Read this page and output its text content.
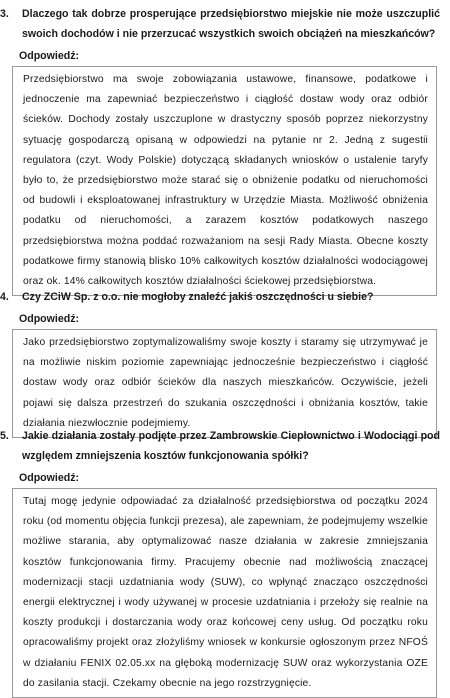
3.	Dlaczego tak dobrze prosperujące przedsiębiorstwo miejskie nie może uszczuplić swoich dochodów i nie przerzucać wszystkich swoich obciążeń na mieszkańców?
Odpowiedź:
Przedsiębiorstwo ma swoje zobowiązania ustawowe, finansowe, podatkowe i jednoczenie ma zapewniać bezpieczeństwo i ciągłość dostaw wody oraz odbiór ścieków. Dochody zostały uszczuplone w drastyczny sposób poprzez niekorzystny sytuację gospodarczą opisaną w odpowiedzi na pytanie nr 2. Jedną z sugestii regulatora (czyt. Wody Polskie) dotyczącą składanych wniosków o ustalenie taryfy było to, że przedsiębiorstwo może starać się o obniżenie podatku od nieruchomości od budowli i eksploatowanej infrastruktury w Urzędzie Miasta. Możliwość obniżenia podatku od nieruchomości, a zarazem kosztów podatkowych naszego przedsiębiorstwa można poddać rozważaniom na sesji Rady Miasta. Obecne koszty podatkowe firmy stanowią blisko 10% całkowitych kosztów działalności wodociągowej oraz ok. 14% całkowitych kosztów działalności ściekowej przedsiębiorstwa.
4.	Czy ZCiW Sp. z o.o. nie mogłoby znaleźć jakiś oszczędności u siebie?
Odpowiedź:
Jako przedsiębiorstwo zoptymalizowaliśmy swoje koszty i staramy się utrzymywać je na możliwie niskim poziomie zapewniając jednocześnie bezpieczeństwo i ciągłość dostaw wody oraz odbiór ścieków dla naszych mieszkańców. Oczywiście, jeżeli pojawi się dalsza przestrzeń do szukania oszczędności i obniżania kosztów, takie działania niezwłocznie podejmiemy.
5.	Jakie działania zostały podjęte przez Zambrowskie Ciepłownictwo i Wodociągi pod względem zmniejszenia kosztów funkcjonowania spółki?
Odpowiedź:
Tutaj mogę jedynie odpowiadać za działalność przedsiębiorstwa od początku 2024 roku (od momentu objęcia funkcji prezesa), ale zapewniam, że podejmujemy wszelkie możliwe starania, aby optymalizować nasze działania w zakresie zmniejszania kosztów funkcjonowania firmy. Pracujemy obecnie nad możliwością znaczącej modernizacji stacji uzdatniania wody (SUW), co wpłynąć znacząco oszczędności energii elektrycznej i wody używanej w procesie uzdatniania i przełoży się realnie na koszty produkcji i dostarczania wody oraz końcowej ceny usług. Od początku roku opracowaliśmy projekt oraz złożyliśmy wniosek w konkursie ogłoszonym przez NFOŚ w działaniu FENIX 02.05.xx na głęboką modernizację SUW oraz wykorzystania OZE do zasilania stacji. Czekamy obecnie na jego rozstrzygnięcie.
